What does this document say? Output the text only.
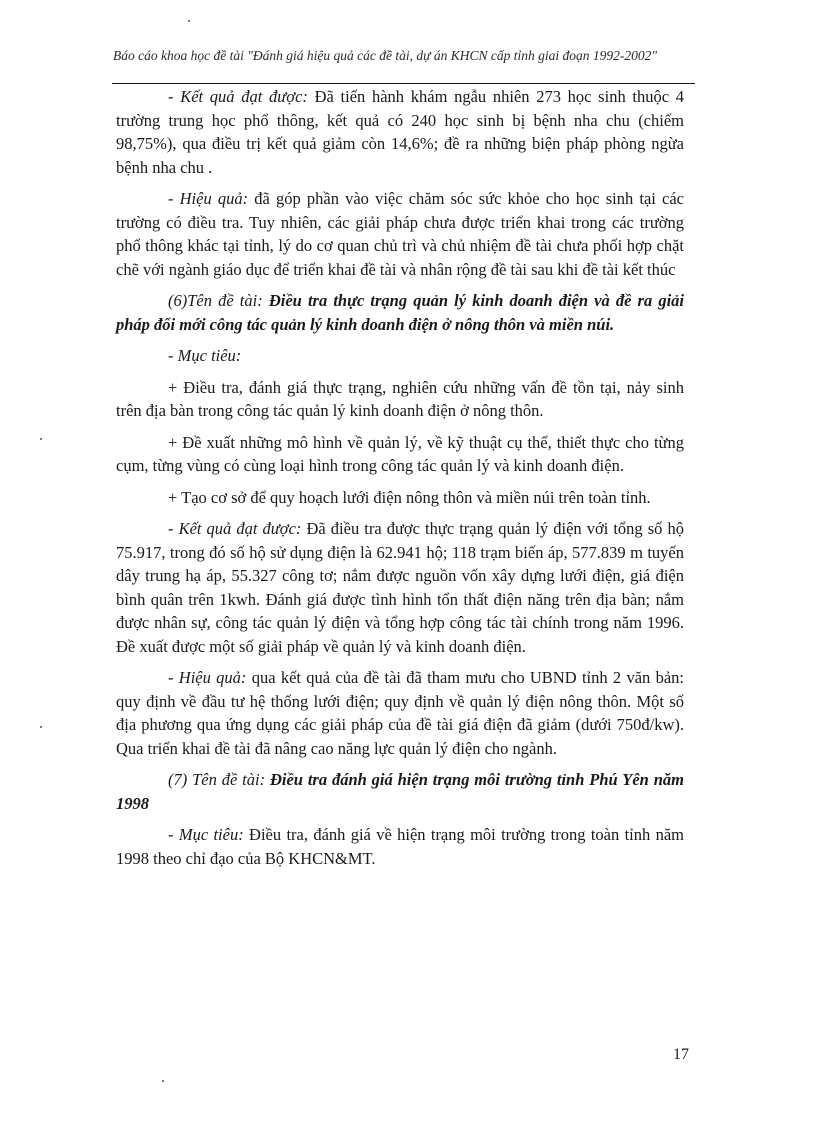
Báo cáo khoa học đề tài "Đánh giá hiệu quả các đề tài, dự án KHCN cấp tỉnh giai đoạn 1992-2002"

- Kết quả đạt được: Đã tiến hành khám ngẫu nhiên 273 học sinh thuộc 4 trường trung học phổ thông, kết quả có 240 học sinh bị bệnh nha chu (chiếm 98,75%), qua điều trị kết quả giảm còn 14,6%; đề ra những biện pháp phòng ngừa bệnh nha chu .

- Hiệu quả: đã góp phần vào việc chăm sóc sức khỏe cho học sinh tại các trường có điều tra. Tuy nhiên, các giải pháp chưa được triển khai trong các trường phổ thông khác tại tỉnh, lý do cơ quan chủ trì và chủ nhiệm đề tài chưa phối hợp chặt chẽ với ngành giáo dục để triển khai đề tài và nhân rộng đề tài sau khi đề tài kết thúc

(6)Tên đề tài: Điều tra thực trạng quản lý kinh doanh điện và đề ra giải pháp đổi mới công tác quản lý kinh doanh điện ở nông thôn và miền núi.

- Mục tiêu:

+ Điều tra, đánh giá thực trạng, nghiên cứu những vấn đề tồn tại, nảy sinh trên địa bàn trong công tác quản lý kinh doanh điện ở nông thôn.

+ Đề xuất những mô hình về quản lý, về kỹ thuật cụ thể, thiết thực cho từng cụm, từng vùng có cùng loại hình trong công tác quản lý và kinh doanh điện.

+ Tạo cơ sở để quy hoạch lưới điện nông thôn và miền núi trên toàn tỉnh.

- Kết quả đạt được: Đã điều tra được thực trạng quản lý điện với tổng số hộ 75.917, trong đó số hộ sử dụng điện là 62.941 hộ; 118 trạm biến áp, 577.839 m tuyến dây trung hạ áp, 55.327 công tơ; nắm được nguồn vốn xây dựng lưới điện, giá điện bình quân trên 1kwh. Đánh giá được tình hình tổn thất điện năng trên địa bàn; nắm được nhân sự, công tác quản lý điện và tổng hợp công tác tài chính trong năm 1996. Đề xuất được một số giải pháp về quản lý và kinh doanh điện.

- Hiệu quả: qua kết quả của đề tài đã tham mưu cho UBND tỉnh 2 văn bản: quy định về đầu tư hệ thống lưới điện; quy định về quản lý điện nông thôn. Một số địa phương qua ứng dụng các giải pháp của đề tài giá điện đã giảm (dưới 750đ/kw). Qua triển khai đề tài đã nâng cao năng lực quản lý điện cho ngành.

(7) Tên đề tài: Điều tra đánh giá hiện trạng môi trường tỉnh Phú Yên năm 1998

- Mục tiêu: Điều tra, đánh giá về hiện trạng môi trường trong toàn tỉnh năm 1998 theo chỉ đạo của Bộ KHCN&MT.

17
